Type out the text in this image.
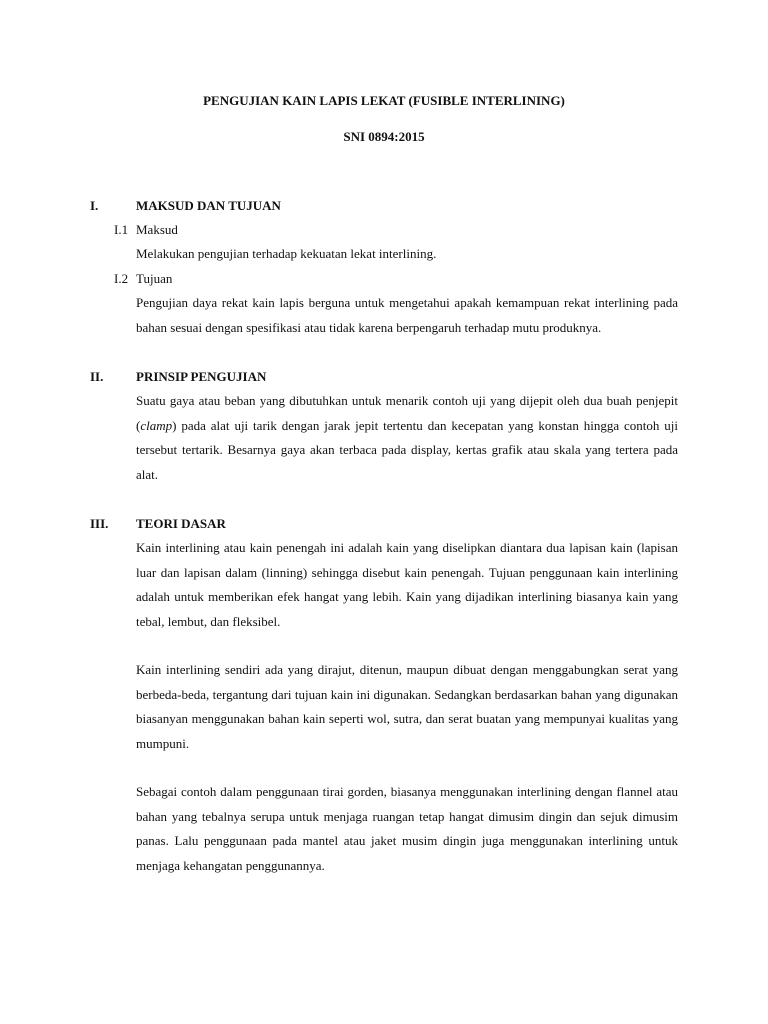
PENGUJIAN KAIN LAPIS LEKAT (FUSIBLE INTERLINING)
SNI 0894:2015
I.	MAKSUD DAN TUJUAN
I.1 Maksud
Melakukan pengujian terhadap kekuatan lekat interlining.
I.2 Tujuan
Pengujian daya rekat kain lapis berguna untuk mengetahui apakah kemampuan rekat interlining pada bahan sesuai dengan spesifikasi atau tidak karena berpengaruh terhadap mutu produknya.
II.	PRINSIP PENGUJIAN
Suatu gaya atau beban yang dibutuhkan untuk menarik contoh uji yang dijepit oleh dua buah penjepit (clamp) pada alat uji tarik dengan jarak jepit tertentu dan kecepatan yang konstan hingga contoh uji tersebut tertarik. Besarnya gaya akan terbaca pada display, kertas grafik atau skala yang tertera pada alat.
III. TEORI DASAR
Kain interlining atau kain penengah ini adalah kain yang diselipkan diantara dua lapisan kain (lapisan luar dan lapisan dalam (linning) sehingga disebut kain penengah. Tujuan penggunaan kain interlining adalah untuk memberikan efek hangat yang lebih. Kain yang dijadikan interlining biasanya kain yang tebal, lembut, dan fleksibel.
Kain interlining sendiri ada yang dirajut, ditenun, maupun dibuat dengan menggabungkan serat yang berbeda-beda, tergantung dari tujuan kain ini digunakan. Sedangkan berdasarkan bahan yang digunakan biasanyan menggunakan bahan kain seperti wol, sutra, dan serat buatan yang mempunyai kualitas yang mumpuni.
Sebagai contoh dalam penggunaan tirai gorden, biasanya menggunakan interlining dengan flannel atau bahan yang tebalnya serupa untuk menjaga ruangan tetap hangat dimusim dingin dan sejuk dimusim panas. Lalu penggunaan pada mantel atau jaket musim dingin juga menggunakan interlining untuk menjaga kehangatan penggunannya.
